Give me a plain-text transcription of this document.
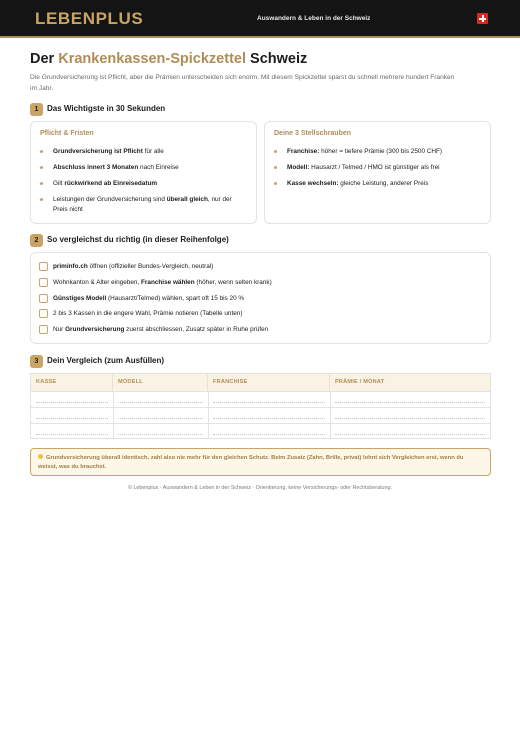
LEBENPLUS	Auswandern & Leben in der Schweiz
Der Krankenkassen-Spickzettel Schweiz
Die Grundversicherung ist Pflicht, aber die Prämien unterscheiden sich enorm. Mit diesem Spickzettel sparst du schnell mehrere hundert Franken im Jahr.
1	Das Wichtigste in 30 Sekunden
Pflicht & Fristen
Grundversicherung ist Pflicht für alle
Abschluss innert 3 Monaten nach Einreise
Gilt rückwirkend ab Einreisedatum
Leistungen der Grundversicherung sind überall gleich, nur der Preis nicht
Deine 3 Stellschrauben
Franchise: höher = tiefere Prämie (300 bis 2500 CHF)
Modell: Hausarzt / Telmed / HMO ist günstiger als frei
Kasse wechseln: gleiche Leistung, anderer Preis
2	So vergleichst du richtig (in dieser Reihenfolge)
priminfo.ch öffnen (offizieller Bundes-Vergleich, neutral)
Wohnkanton & Alter eingeben, Franchise wählen (höher, wenn selten krank)
Günstiges Modell (Hausarzt/Telmed) wählen, spart oft 15 bis 20 %
2 bis 3 Kassen in die engere Wahl, Prämie notieren (Tabelle unten)
Nur Grundversicherung zuerst abschliessen, Zusatz später in Ruhe prüfen
3	Dein Vergleich (zum Ausfüllen)
KASSE	MODELL	FRANCHISE	PRÄMIE / MONAT
Grundversicherung überall identisch, zahl also nie mehr für den gleichen Schutz. Beim Zusatz (Zahn, Brille, privat) lohnt sich Vergleichen erst, wenn du weisst, was du brauchst.
© Lebenplus · Auswandern & Leben in der Schweiz · Orientierung, keine Versicherungs- oder Rechtsberatung.
